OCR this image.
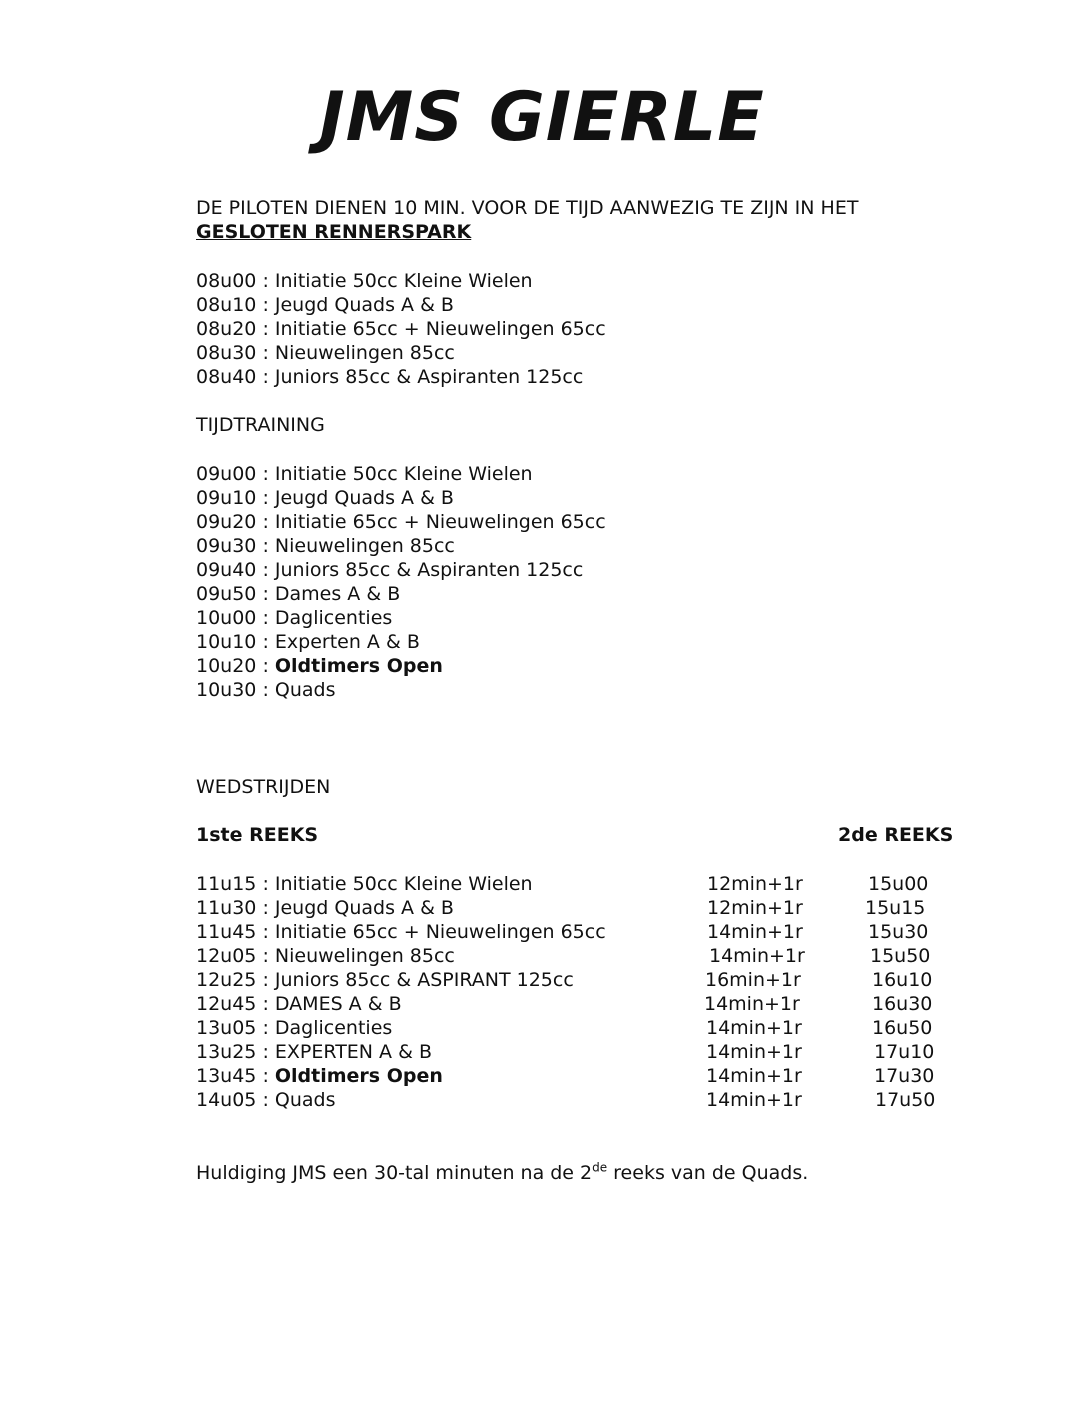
JMS GIERLE
DE PILOTEN DIENEN 10 MIN. VOOR DE TIJD AANWEZIG TE ZIJN IN HET GESLOTEN RENNERSPARK
08u00 : Initiatie 50cc Kleine Wielen
08u10 : Jeugd Quads A & B
08u20 : Initiatie 65cc + Nieuwelingen 65cc
08u30 : Nieuwelingen 85cc
08u40 : Juniors 85cc & Aspiranten 125cc
TIJDTRAINING
09u00 : Initiatie 50cc Kleine Wielen
09u10 : Jeugd Quads A & B
09u20 : Initiatie 65cc + Nieuwelingen 65cc
09u30 : Nieuwelingen 85cc
09u40 : Juniors 85cc & Aspiranten 125cc
09u50 : Dames A & B
10u00 : Daglicenties
10u10 : Experten A & B
10u20 : Oldtimers Open
10u30 : Quads
WEDSTRIJDEN
1ste REEKS	2de REEKS
11u15 : Initiatie 50cc Kleine Wielen	12min+1r	15u00
11u30 : Jeugd Quads A & B	12min+1r	15u15
11u45 : Initiatie 65cc + Nieuwelingen 65cc	14min+1r	15u30
12u05 : Nieuwelingen 85cc	14min+1r	15u50
12u25 : Juniors 85cc & ASPIRANT 125cc	16min+1r	16u10
12u45 : DAMES A & B	14min+1r	16u30
13u05 : Daglicenties	14min+1r	16u50
13u25 : EXPERTEN A & B	14min+1r	17u10
13u45 : Oldtimers Open	14min+1r	17u30
14u05 : Quads	14min+1r	17u50
Huldiging JMS een 30-tal minuten na de 2de reeks van de Quads.
